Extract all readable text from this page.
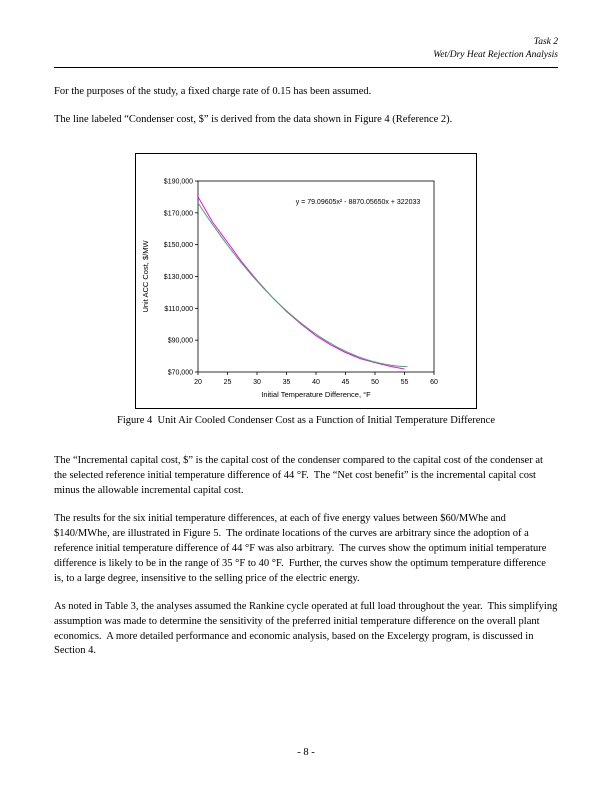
Task 2
Wet/Dry Heat Rejection Analysis

For the purposes of the study, a fixed charge rate of 0.15 has been assumed.

The line labeled “Condenser cost, $” is derived from the data shown in Figure 4 (Reference 2).

$70,000
$90,000
$110,000
$130,000
$150,000
$170,000
$190,000
20	25	30	35	40	45	50	55	60
Initial Temperature Difference, °F
Unit ACC Cost, $/MW
y = 79.09605x² - 8870.05650x + 322033
Figure 4  Unit Air Cooled Condenser Cost as a Function of Initial Temperature Difference

The “Incremental capital cost, $” is the capital cost of the condenser compared to the capital cost of the condenser at the selected reference initial temperature difference of 44 °F.  The “Net cost benefit” is the incremental capital cost minus the allowable incremental capital cost.

The results for the six initial temperature differences, at each of five energy values between $60/MWhe and $140/MWhe, are illustrated in Figure 5.  The ordinate locations of the curves are arbitrary since the adoption of a reference initial temperature difference of 44 °F was also arbitrary.  The curves show the optimum initial temperature difference is likely to be in the range of 35 °F to 40 °F.  Further, the curves show the optimum temperature difference is, to a large degree, insensitive to the selling price of the electric energy.

As noted in Table 3, the analyses assumed the Rankine cycle operated at full load throughout the year.  This simplifying assumption was made to determine the sensitivity of the preferred initial temperature difference on the overall plant economics.  A more detailed performance and economic analysis, based on the Excelergy program, is discussed in Section 4.

- 8 -
